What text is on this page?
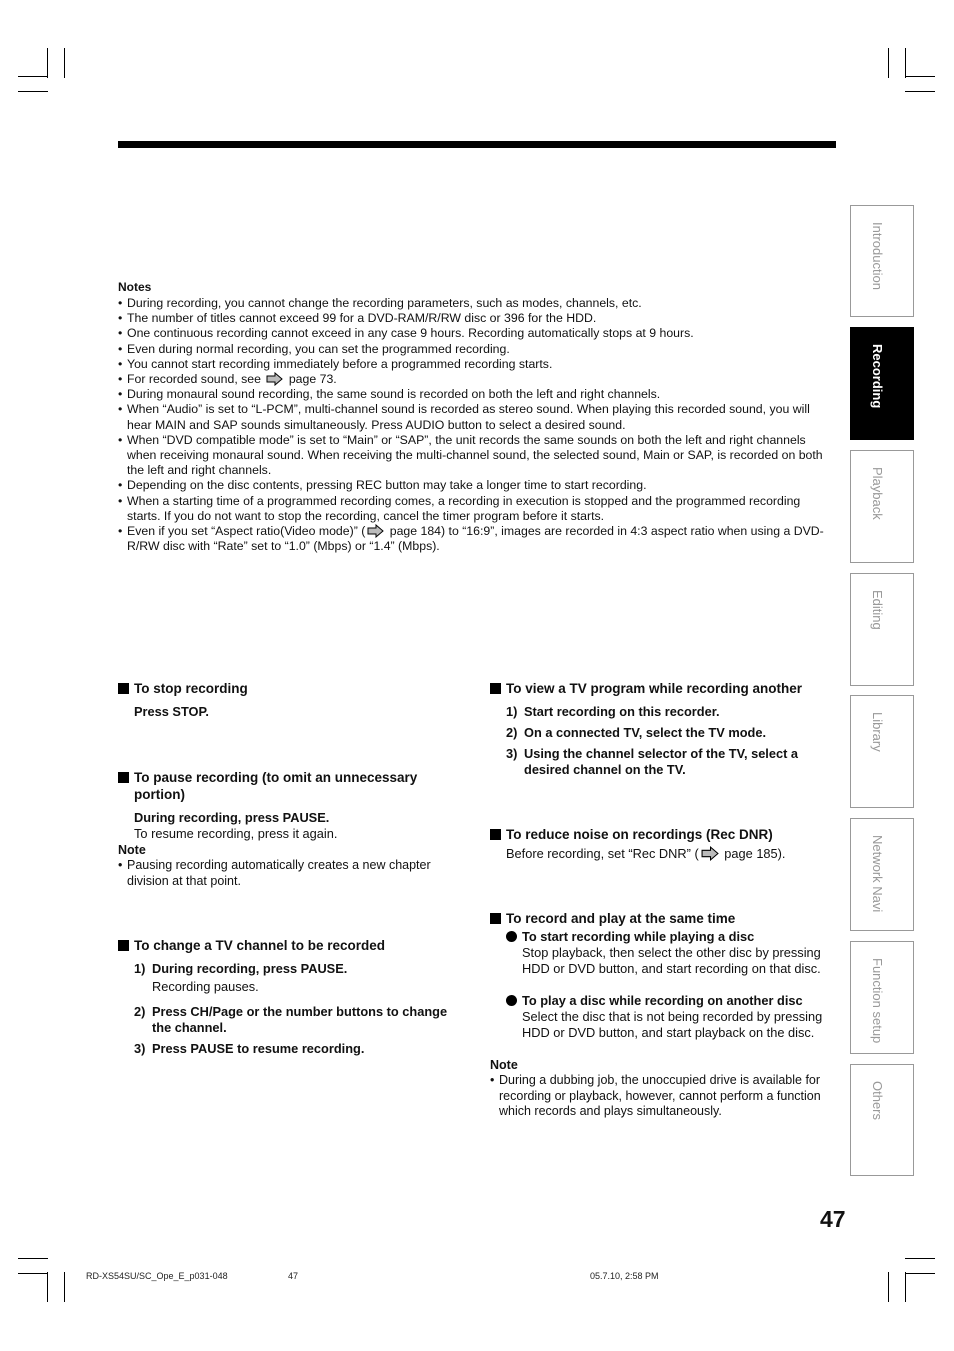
Notes
• During recording, you cannot change the recording parameters, such as modes, channels, etc.
• The number of titles cannot exceed 99 for a DVD-RAM/R/RW disc or 396 for the HDD.
• One continuous recording cannot exceed in any case 9 hours. Recording automatically stops at 9 hours.
• Even during normal recording, you can set the programmed recording.
• You cannot start recording immediately before a programmed recording starts.
• For recorded sound, see page 73.
• During monaural sound recording, the same sound is recorded on both the left and right channels.
• When “Audio” is set to “L-PCM”, multi-channel sound is recorded as stereo sound. When playing this recorded sound, you will hear MAIN and SAP sounds simultaneously. Press AUDIO button to select a desired sound.
• When “DVD compatible mode” is set to “Main” or “SAP”, the unit records the same sounds on both the left and right channels when receiving monaural sound. When receiving the multi-channel sound, the selected sound, Main or SAP, is recorded on both the left and right channels.
• Depending on the disc contents, pressing REC button may take a longer time to start recording.
• When a starting time of a programmed recording comes, a recording in execution is stopped and the programmed recording starts. If you do not want to stop the recording, cancel the timer program before it starts.
• Even if you set “Aspect ratio(Video mode)” ( page 184) to “16:9”, images are recorded in 4:3 aspect ratio when using a DVD-R/RW disc with “Rate” set to “1.0” (Mbps) or “1.4” (Mbps).
To stop recording
Press STOP.
To pause recording (to omit an unnecessary portion)
During recording, press PAUSE.
To resume recording, press it again.
Note
• Pausing recording automatically creates a new chapter division at that point.
To change a TV channel to be recorded
1) During recording, press PAUSE.
Recording pauses.
2) Press CH/Page or the number buttons to change the channel.
3) Press PAUSE to resume recording.
To view a TV program while recording another
1) Start recording on this recorder.
2) On a connected TV, select the TV mode.
3) Using the channel selector of the TV, select a desired channel on the TV.
To reduce noise on recordings (Rec DNR)
Before recording, set “Rec DNR” ( page 185).
To record and play at the same time
To start recording while playing a disc
Stop playback, then select the other disc by pressing HDD or DVD button, and start recording on that disc.
To play a disc while recording on another disc
Select the disc that is not being recorded by pressing HDD or DVD button, and start playback on the disc.
Note
• During a dubbing job, the unoccupied drive is available for recording or playback, however, cannot perform a function which records and plays simultaneously.
Introduction
Recording
Playback
Editing
Library
Network Navi
Function setup
Others
47
RD-XS54SU/SC_Ope_E_p031-048	47	05.7.10, 2:58 PM
